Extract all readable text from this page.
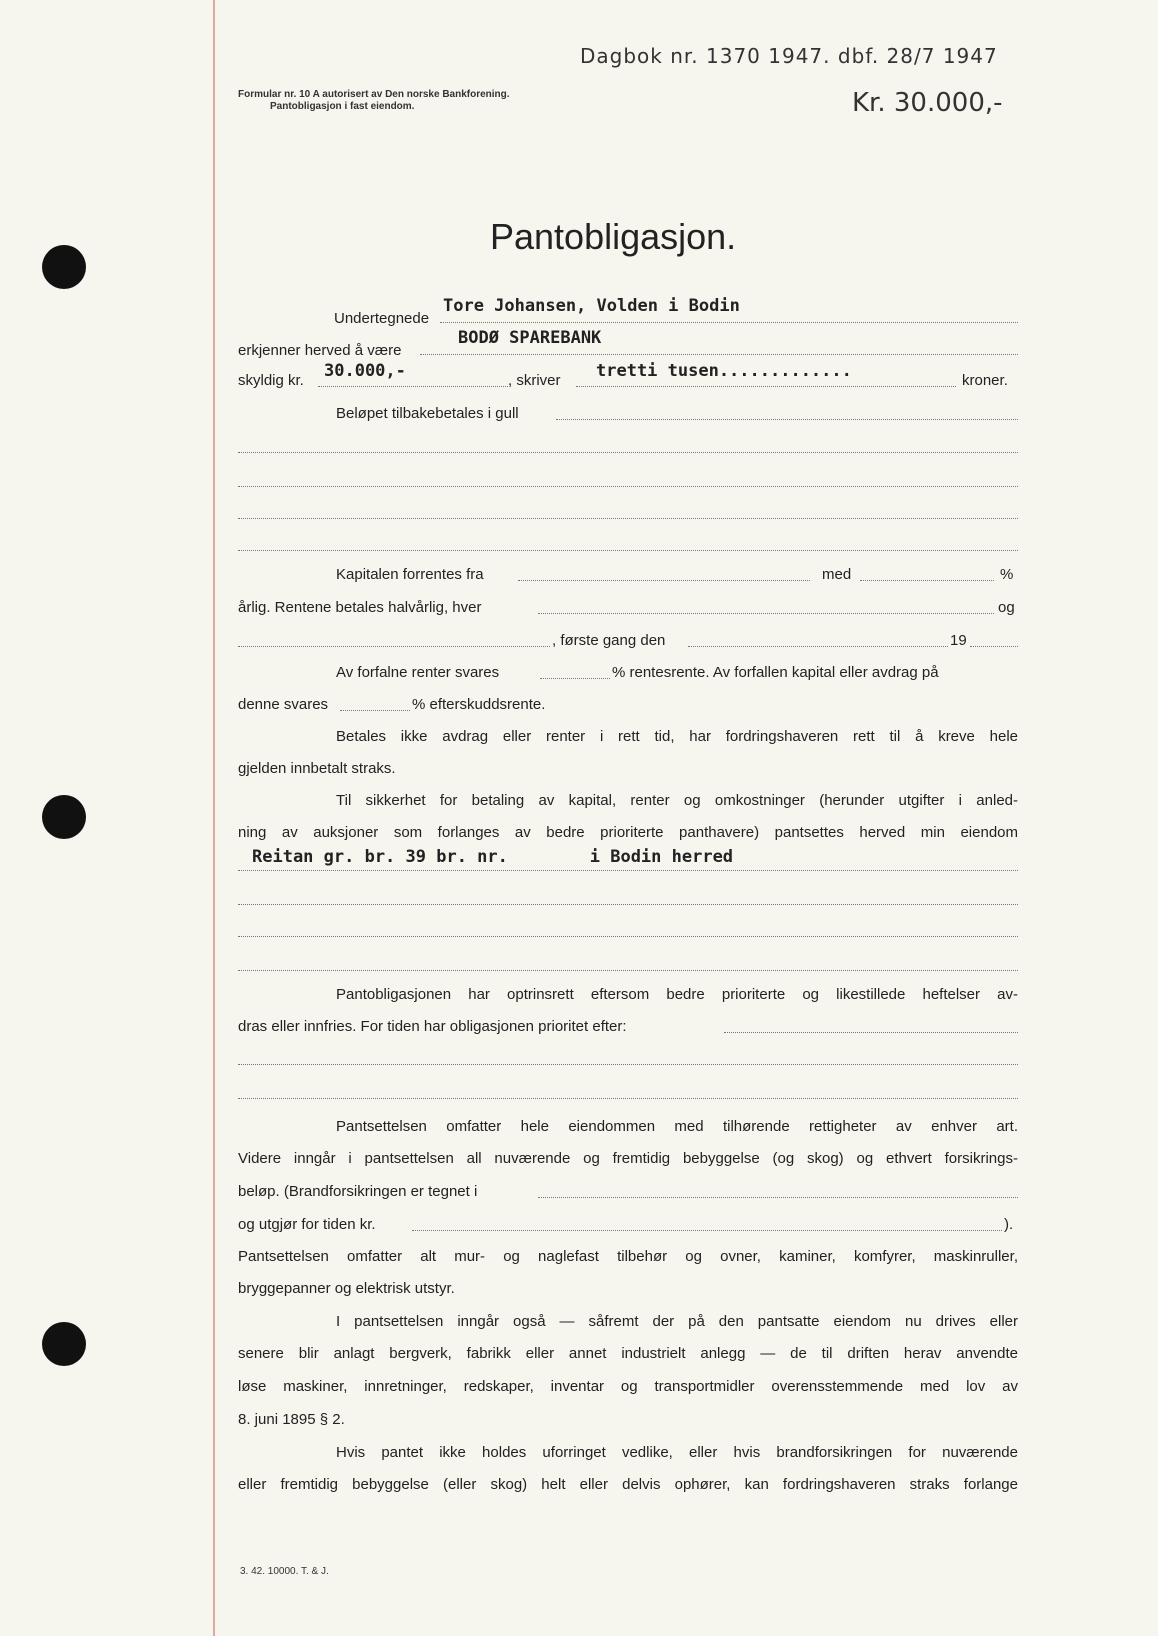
Dagbok nr. 1370 1947. dbf. 28/7 1947
Formular nr. 10 A autorisert av Den norske Bankforening.
Pantobligasjon i fast eiendom.	Kr. 30.000,-
Pantobligasjon.
Undertegnede
Tore Johansen, Volden i Bodin
erkjenner herved å være
BODØ SPAREBANK
skyldig kr. 30.000,-	, skriver tretti tusen.............	kroner.
Beløpet tilbakebetales i gull
Kapitalen forrentes fra	med	%
årlig. Rentene betales halvårlig, hver	og
, første gang den	19
Av forfalne renter svares	% rentesrente. Av forfallen kapital eller avdrag på
denne svares	% efterskuddsrente.
Betales ikke avdrag eller renter i rett tid, har fordringshaveren rett til å kreve hele
gjelden innbetalt straks.
Til sikkerhet for betaling av kapital, renter og omkostninger (herunder utgifter i anled-
ning av auksjoner som forlanges av bedre prioriterte panthavere) pantsettes herved min eiendom
Reitan gr. br. 39 br. nr.        i Bodin herred
Pantobligasjonen har optrinsrett eftersom bedre prioriterte og likestillede heftelser av-
dras eller innfries. For tiden har obligasjonen prioritet efter:
Pantsettelsen omfatter hele eiendommen med tilhørende rettigheter av enhver art.
Videre inngår i pantsettelsen all nuværende og fremtidig bebyggelse (og skog) og ethvert forsikrings-
beløp. (Brandforsikringen er tegnet i
og utgjør for tiden kr.	).
Pantsettelsen omfatter alt mur- og naglefast tilbehør og ovner, kaminer, komfyrer, maskinruller,
bryggepanner og elektrisk utstyr.
I pantsettelsen inngår også — såfremt der på den pantsatte eiendom nu drives eller
senere blir anlagt bergverk, fabrikk eller annet industrielt anlegg — de til driften herav anvendte
løse maskiner, innretninger, redskaper, inventar og transportmidler overensstemmende med lov av
8. juni 1895 § 2.
Hvis pantet ikke holdes uforringet vedlike, eller hvis brandforsikringen for nuværende
eller fremtidig bebyggelse (eller skog) helt eller delvis ophører, kan fordringshaveren straks forlange
3. 42. 10000. T. & J.
